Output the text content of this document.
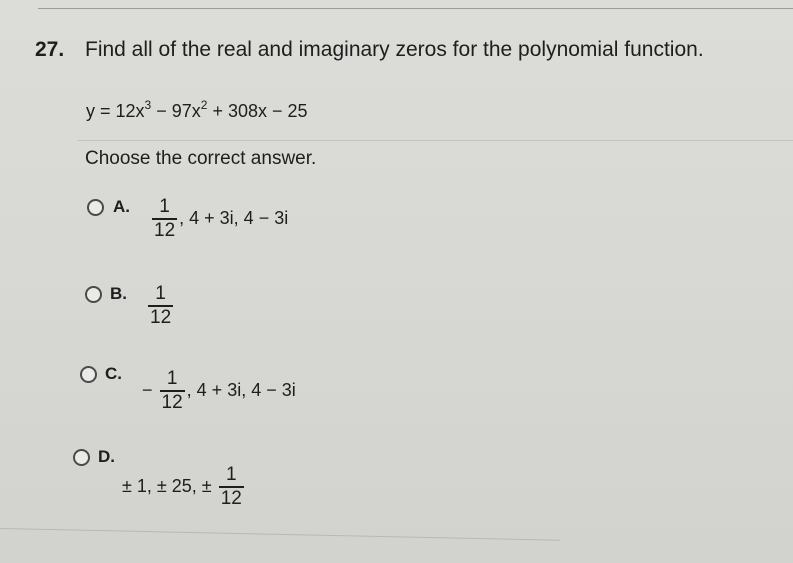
27. Find all of the real and imaginary zeros for the polynomial function.
$y = 12x^3 - 97x^2 + 308x - 25$
Choose the correct answer.
A. $\frac{1}{12}$ , 4 + 3i, 4 − 3i
B. $\frac{1}{12}$
C.
− $\frac{1}{12}$ , 4 + 3i, 4 − 3i
D.
± 1, ± 25, ± $\frac{1}{12}$
